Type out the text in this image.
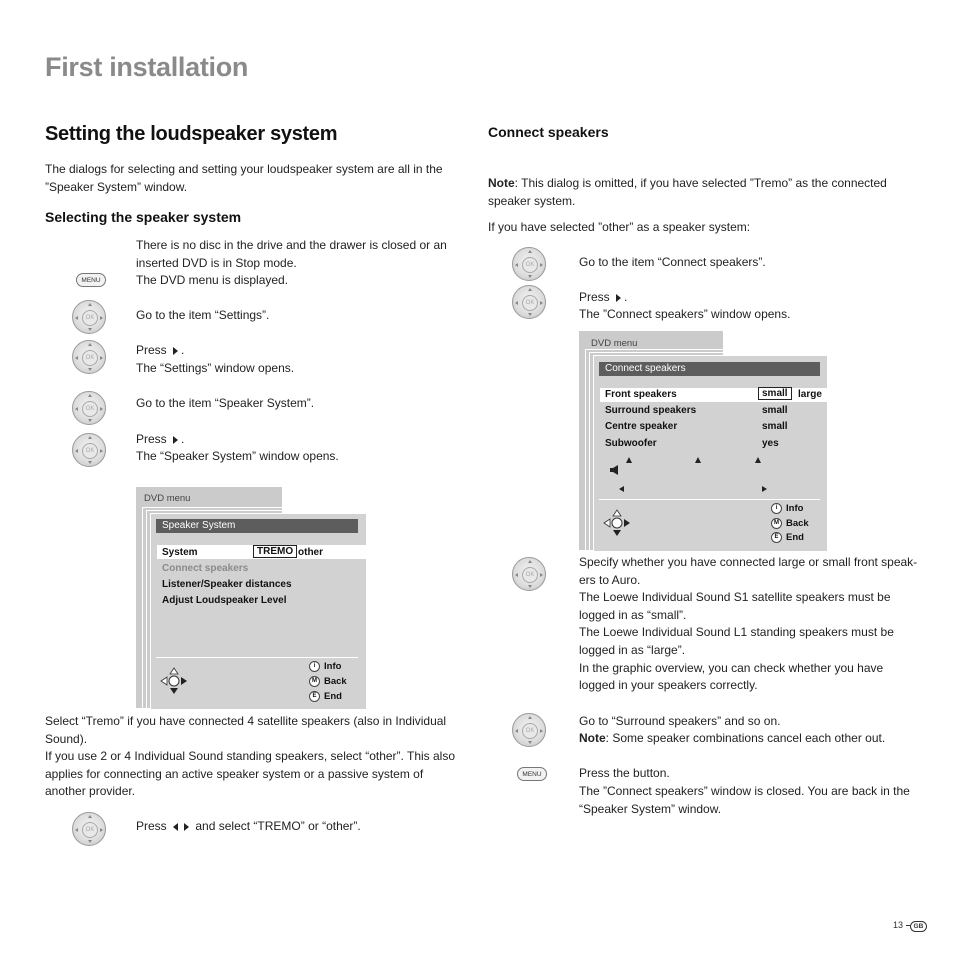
First installation
Setting the loudspeaker system
The dialogs for selecting and setting your loudspeaker system are all in the ”Speaker System” window.
Selecting the speaker system
There is no disc in the drive and the drawer is closed or an inserted DVD is in Stop mode.
MENU	The DVD menu is displayed.
OK	Go to the item “Settings”.
OK
Press .
The “Settings” window opens.
OK	Go to the item “Speaker System”.
OK
Press .
The “Speaker System” window opens.
DVD menu
Speaker System
System	TREMO other
Connect speakers
Listener/Speaker distances
Adjust Loudspeaker Level
i Info
M Back
E End
Select “Tremo” if you have connected 4 satellite speakers (also in Individual Sound).
If you use 2 or 4 Individual Sound standing speakers, select “other”. This also applies for connecting an active speaker system or a passive system of another provider.
OK	Press and select “TREMO” or “other”.
Connect speakers
Note: This dialog is omitted, if you have selected ”Tremo” as the connected speaker system.
If you have selected ”other” as a speaker system:
OK	Go to the item “Connect speakers”.
OK	Press .
The ”Connect speakers” window opens.
DVD menu
Connect speakers
Front speakers	small	large
Surround speakers	small
Centre speaker	small
Subwoofer	yes
i Info
M Back
E End
OK

Specify whether you have connected large or small front speak-

ers to Auro.

The Loewe Individual Sound S1 satellite speakers must be

logged in as “small”.

The Loewe Individual Sound L1 standing speakers must be

logged in as “large”.

In the graphic overview, you can check whether you have

logged in your speakers correctly.

OK
Go to “Surround speakers” and so on.
Note: Some speaker combinations cancel each other out.
MENU	Press the button.

The ”Connect speakers” window is closed. You are back in the

“Speaker System” window.

13 GB
